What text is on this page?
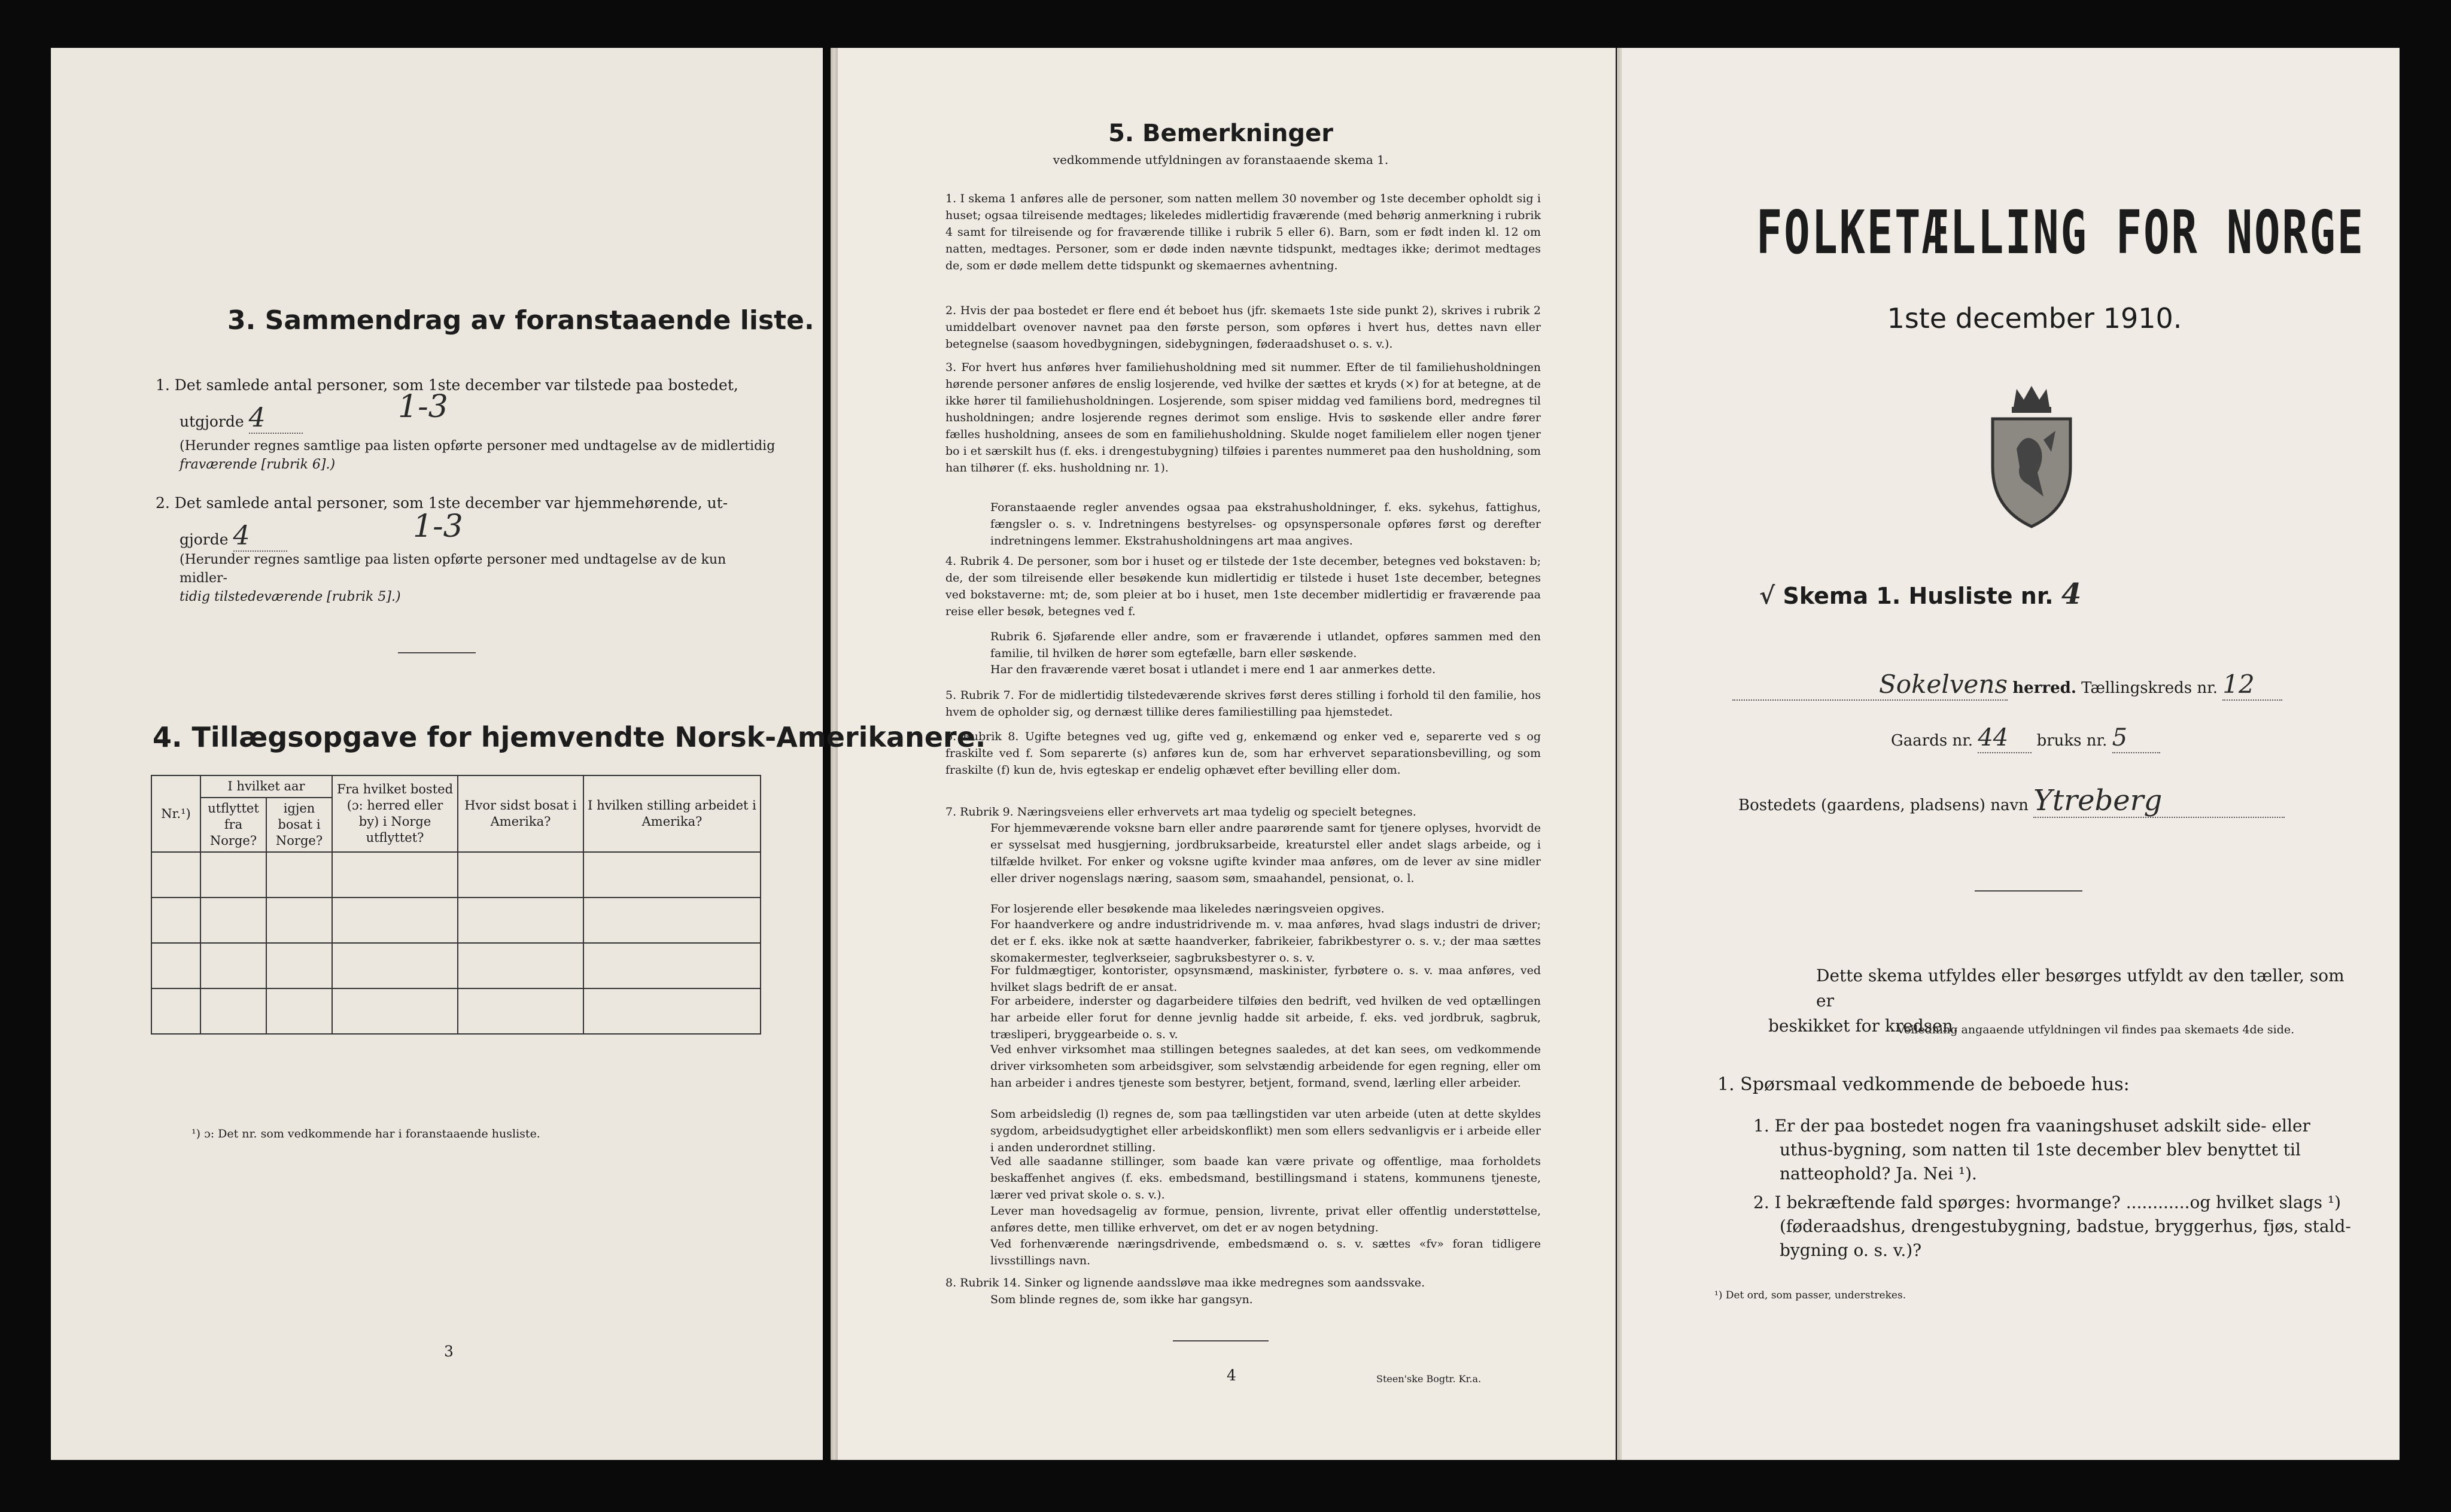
3. Sammendrag av foranstaaende liste.
1. Det samlede antal personer, som 1ste december var tilstede paa bostedet,
utgjorde 4	1-3
(Herunder regnes samtlige paa listen opførte personer med undtagelse av de midlertidig
fraværende [rubrik 6].)
2. Det samlede antal personer, som 1ste december var hjemmehørende, ut-
gjorde 4	1-3
(Herunder regnes samtlige paa listen opførte personer med undtagelse av de kun midler-
tidig tilstedeværende [rubrik 5].)
4. Tillægsopgave for hjemvendte Norsk-Amerikanere.
Nr.¹)	I hvilket aar		Fra hvilket bosted (ɔ: herred eller by) i Norge utflyttet?	Hvor sidst bosat i Amerika?	I hvilken stilling arbeidet i Amerika?
	utflyttet fra Norge?	igjen bosat i Norge?			

¹) ɔ: Det nr. som vedkommende har i foranstaaende husliste.
3
5. Bemerkninger
vedkommende utfyldningen av foranstaaende skema 1.
1. I skema 1 anføres alle de personer, som natten mellem 30 november og 1ste december opholdt sig i huset; ogsaa tilreisende medtages; likeledes midlertidig fraværende (med behørig anmerkning i rubrik 4 samt for tilreisende og for fraværende tillike i rubrik 5 eller 6). Barn, som er født inden kl. 12 om natten, medtages. Personer, som er døde inden nævnte tidspunkt, medtages ikke; derimot medtages de, som er døde mellem dette tidspunkt og skemaernes avhentning.
2. Hvis der paa bostedet er flere end ét beboet hus (jfr. skemaets 1ste side punkt 2), skrives i rubrik 2 umiddelbart ovenover navnet paa den første person, som opføres i hvert hus, dettes navn eller betegnelse (saasom hovedbygningen, sidebygningen, føderaadshuset o. s. v.).
3. For hvert hus anføres hver familiehusholdning med sit nummer. Efter de til familiehusholdningen hørende personer anføres de enslig losjerende, ved hvilke der sættes et kryds (×) for at betegne, at de ikke hører til familiehusholdningen. Losjerende, som spiser middag ved familiens bord, medregnes til husholdningen; andre losjerende regnes derimot som enslige. Hvis to søskende eller andre fører fælles husholdning, ansees de som en familiehusholdning. Skulde noget familielem eller nogen tjener bo i et særskilt hus (f. eks. i drengestubygning) tilføies i parentes nummeret paa den husholdning, som han tilhører (f. eks. husholdning nr. 1).
Foranstaaende regler anvendes ogsaa paa ekstrahusholdninger, f. eks. sykehus, fattighus, fængsler o. s. v. Indretningens bestyrelses- og opsynspersonale opføres først og derefter indretningens lemmer. Ekstrahusholdningens art maa angives.
4. Rubrik 4. De personer, som bor i huset og er tilstede der 1ste december, betegnes ved bokstaven: b; de, der som tilreisende eller besøkende kun midlertidig er tilstede i huset 1ste december, betegnes ved bokstaverne: mt; de, som pleier at bo i huset, men 1ste december midlertidig er fraværende paa reise eller besøk, betegnes ved f.
Rubrik 6. Sjøfarende eller andre, som er fraværende i utlandet, opføres sammen med den familie, til hvilken de hører som egtefælle, barn eller søskende.
Har den fraværende været bosat i utlandet i mere end 1 aar anmerkes dette.
5. Rubrik 7. For de midlertidig tilstedeværende skrives først deres stilling i forhold til den familie, hos hvem de opholder sig, og dernæst tillike deres familiestilling paa hjemstedet.
6. Rubrik 8. Ugifte betegnes ved ug, gifte ved g, enkemænd og enker ved e, separerte ved s og fraskilte ved f. Som separerte (s) anføres kun de, som har erhvervet separationsbevilling, og som fraskilte (f) kun de, hvis egteskap er endelig ophævet efter bevilling eller dom.
7. Rubrik 9. Næringsveiens eller erhvervets art maa tydelig og specielt betegnes.
For hjemmeværende voksne barn eller andre paarørende samt for tjenere oplyses, hvorvidt de er sysselsat med husgjerning, jordbruksarbeide, kreaturstel eller andet slags arbeide, og i tilfælde hvilket. For enker og voksne ugifte kvinder maa anføres, om de lever av sine midler eller driver nogenslags næring, saasom søm, smaahandel, pensionat, o. l.
For losjerende eller besøkende maa likeledes næringsveien opgives.
For haandverkere og andre industridrivende m. v. maa anføres, hvad slags industri de driver; det er f. eks. ikke nok at sætte haandverker, fabrikeier, fabrikbestyrer o. s. v.; der maa sættes skomakermester, teglverkseier, sagbruksbestyrer o. s. v.
For fuldmægtiger, kontorister, opsynsmænd, maskinister, fyrbøtere o. s. v. maa anføres, ved hvilket slags bedrift de er ansat.
For arbeidere, inderster og dagarbeidere tilføies den bedrift, ved hvilken de ved optællingen har arbeide eller forut for denne jevnlig hadde sit arbeide, f. eks. ved jordbruk, sagbruk, træsliperi, bryggearbeide o. s. v.
Ved enhver virksomhet maa stillingen betegnes saaledes, at det kan sees, om vedkommende driver virksomheten som arbeidsgiver, som selvstændig arbeidende for egen regning, eller om han arbeider i andres tjeneste som bestyrer, betjent, formand, svend, lærling eller arbeider.
Som arbeidsledig (l) regnes de, som paa tællingstiden var uten arbeide (uten at dette skyldes sygdom, arbeidsudygtighet eller arbeidskonflikt) men som ellers sedvanligvis er i arbeide eller i anden underordnet stilling.
Ved alle saadanne stillinger, som baade kan være private og offentlige, maa forholdets beskaffenhet angives (f. eks. embedsmand, bestillingsmand i statens, kommunens tjeneste, lærer ved privat skole o. s. v.).
Lever man hovedsagelig av formue, pension, livrente, privat eller offentlig understøttelse, anføres dette, men tillike erhvervet, om det er av nogen betydning.
Ved forhenværende næringsdrivende, embedsmænd o. s. v. sættes «fv» foran tidligere livsstillings navn.
8. Rubrik 14. Sinker og lignende aandssløve maa ikke medregnes som aandssvake.
Som blinde regnes de, som ikke har gangsyn.
4	Steen'ske Bogtr. Kr.a.
FOLKETÆLLING FOR NORGE
1ste december 1910.
√ Skema 1. Husliste nr. 4
Sokelvens herred. Tællingskreds nr. 12
Gaards nr. 44 bruks nr. 5
Bostedets (gaardens, pladsens) navn Ytreberg
Dette skema utfyldes eller besørges utfyldt av den tæller, som er
beskikket for kredsen.
Veiledning angaaende utfyldningen vil findes paa skemaets 4de side.
1. Spørsmaal vedkommende de beboede hus:
1. Er der paa bostedet nogen fra vaaningshuset adskilt side- eller
uthus-bygning, som natten til 1ste december blev benyttet til
natteophold? Ja. Nei ¹).
2. I bekræftende fald spørges: hvormange? ............og hvilket slags ¹)
(føderaadshus, drengestubygning, badstue, bryggerhus, fjøs, stald-
bygning o. s. v.)?
¹) Det ord, som passer, understrekes.
